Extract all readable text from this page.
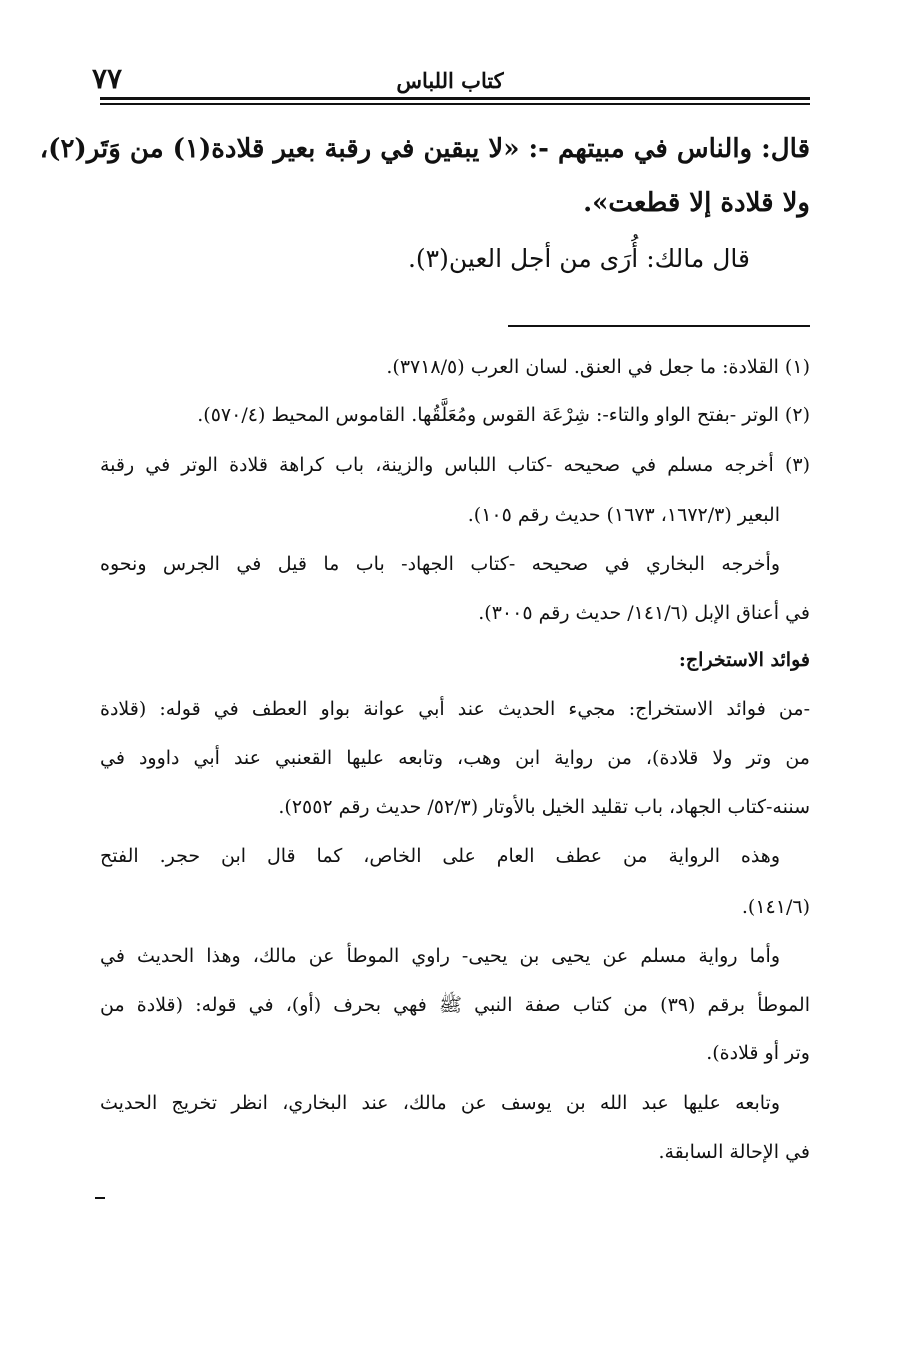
كتاب اللباس
٧٧
قال: والناس في مبيتهم -: «لا يبقين في رقبة بعير قلادة(١) من وَتَر(٢)،
ولا قلادة إلا قطعت».
قال مالك: أُرَى من أجل العين(٣).
(١) القلادة: ما جعل في العنق. لسان العرب (٣٧١٨/٥).
(٢) الوتر -بفتح الواو والتاء-: شِرْعَة القوس ومُعَلَّقُها. القاموس المحيط (٥٧٠/٤).
(٣) أخرجه مسلم في صحيحه -كتاب اللباس والزينة، باب كراهة قلادة الوتر في رقبة
البعير (١٦٧٢/٣، ١٦٧٣) حديث رقم ١٠٥).
وأخرجه البخاري في صحيحه -كتاب الجهاد- باب ما قيل في الجرس ونحوه
في أعناق الإبل (١٤١/٦/ حديث رقم ٣٠٠٥).
فوائد الاستخراج:
-من فوائد الاستخراج: مجيء الحديث عند أبي عوانة بواو العطف في قوله: (قلادة
من وتر ولا قلادة)، من رواية ابن وهب، وتابعه عليها القعنبي عند أبي داوود في
سننه-كتاب الجهاد، باب تقليد الخيل بالأوتار (٥٢/٣/ حديث رقم ٢٥٥٢).
وهذه الرواية من عطف العام على الخاص، كما قال ابن حجر. الفتح
(١٤١/٦).
وأما رواية مسلم عن يحيى بن يحيى- راوي الموطأ عن مالك، وهذا الحديث في
الموطأ برقم (٣٩) من كتاب صفة النبي ﷺ فهي بحرف (أو)، في قوله: (قلادة من
وتر أو قلادة).
وتابعه عليها عبد الله بن يوسف عن مالك، عند البخاري، انظر تخريج الحديث
في الإحالة السابقة.
